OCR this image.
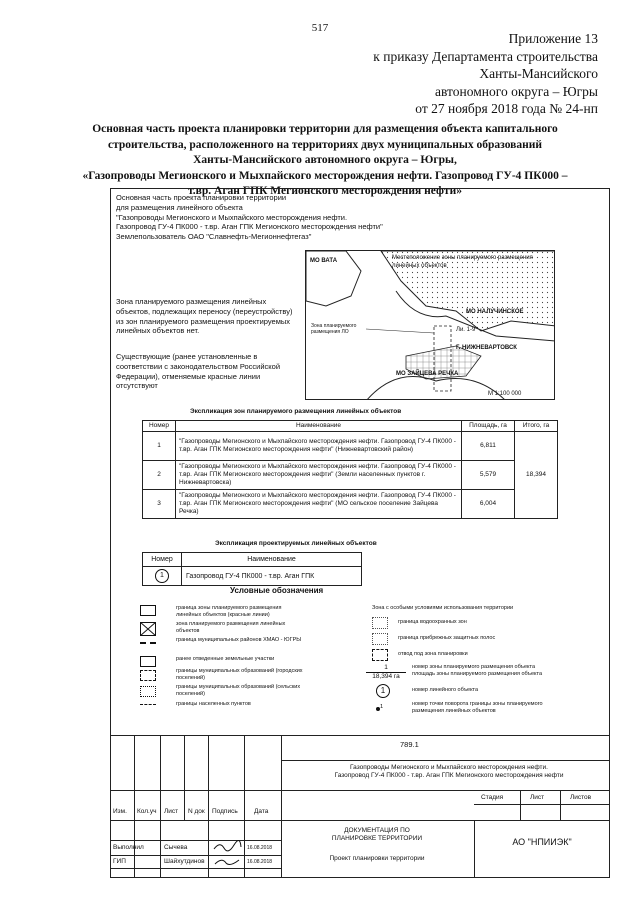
517
Приложение 13
к приказу Департамента строительства
Ханты-Мансийского
автономного округа – Югры
от 27 ноября 2018 года № 24-нп
Основная часть проекта планировки территории для размещения объекта капитального
строительства, расположенного на территориях двух муниципальных образований
Ханты-Мансийского автономного округа – Югры,
«Газопроводы Мегионского и Мыхпайского месторождения нефти. Газопровод ГУ-4 ПК000 –
т.вр. Аган ГПК Мегионского месторождения нефти»
Основная часть проекта планировки территории
для размещения линейного объекта
"Газопроводы Мегионского и Мыхпайского месторождения нефти.
Газопровод ГУ-4 ПК000 - т.вр. Аган ГПК Мегионского месторождения нефти"
Землепользователь ОАО "Славнефть-Мегионнефтегаз"
МО ВАТА	Местоположение зоны планируемого размещения линейных объектов
МО НАЛУЧИНСКОЕ
Зона планируемого размещения ЛО	Ли. 1-9
Г. НИЖНЕВАРТОВСК
МО ЗАЙЦЕВА РЕЧКА
М 1:100 000
Зона планируемого размещения линейных объектов, подлежащих переносу (переустройству) из зон планируемого размещения проектируемых линейных объектов нет.
Существующие (ранее установленные в соответствии с законодательством Российской Федерации), отменяемые красные линии отсутствуют
Экспликация зон планируемого размещения линейных объектов
Номер	Наименование	Площадь, га	Итого, га
1	"Газопроводы Мегионского и Мыхпайского месторождения нефти. Газопровод ГУ-4 ПК000 - т.вр. Аган ГПК Мегионского месторождения нефти" (Нижневартовский район)	6,811	18,394
2	"Газопроводы Мегионского и Мыхпайского месторождения нефти. Газопровод ГУ-4 ПК000 - т.вр. Аган ГПК Мегионского месторождения нефти" (Земли населенных пунктов г. Нижневартовска)	5,579	
3	"Газопроводы Мегионского и Мыхпайского месторождения нефти. Газопровод ГУ-4 ПК000 - т.вр. Аган ГПК Мегионского месторождения нефти" (МО сельское поселение Зайцева Речка)	6,004	
Экспликация проектируемых линейных объектов
Номер	Наименование
1	Газопровод ГУ-4 ПК000 - т.вр. Аган ГПК
Условные обозначения
граница зоны планируемого размещения линейных объектов (красные линии)
зона планируемого размещения линейных объектов
граница муниципальных районов ХМАО - ЮГРЫ
ранее отведенные земельные участки
границы муниципальных образований (городских поселений)
границы муниципальных образований (сельских поселений)
границы населенных пунктов
Зона с особыми условиями использования территории
граница водоохранных зон
граница прибрежных защитных полос
отвод под зона планировки
1
18,394 га
номер зоны планируемого размещения объекта площадь зоны планируемого размещения объекта
1	номер линейного объекта
$^1$	номер точки поворота границы зоны планируемого размещения линейных объектов
789.1
Газопроводы Мегионского и Мыхпайского месторождения нефти.
Газопровод ГУ-4 ПК000 - т.вр. Аган ГПК Мегионского месторождения нефти
Изм. Кол.уч Лист N док Подпись	Дата
ДОКУМЕНТАЦИЯ ПО
ПЛАНИРОВКЕ ТЕРРИТОРИИ
Проект планировки территории
Стадия	Лист	Листов
АО "НПИИЭК"
Выполнил	Сычева	16.08.2018
ГИП	Шайхутдинов	16.08.2018
